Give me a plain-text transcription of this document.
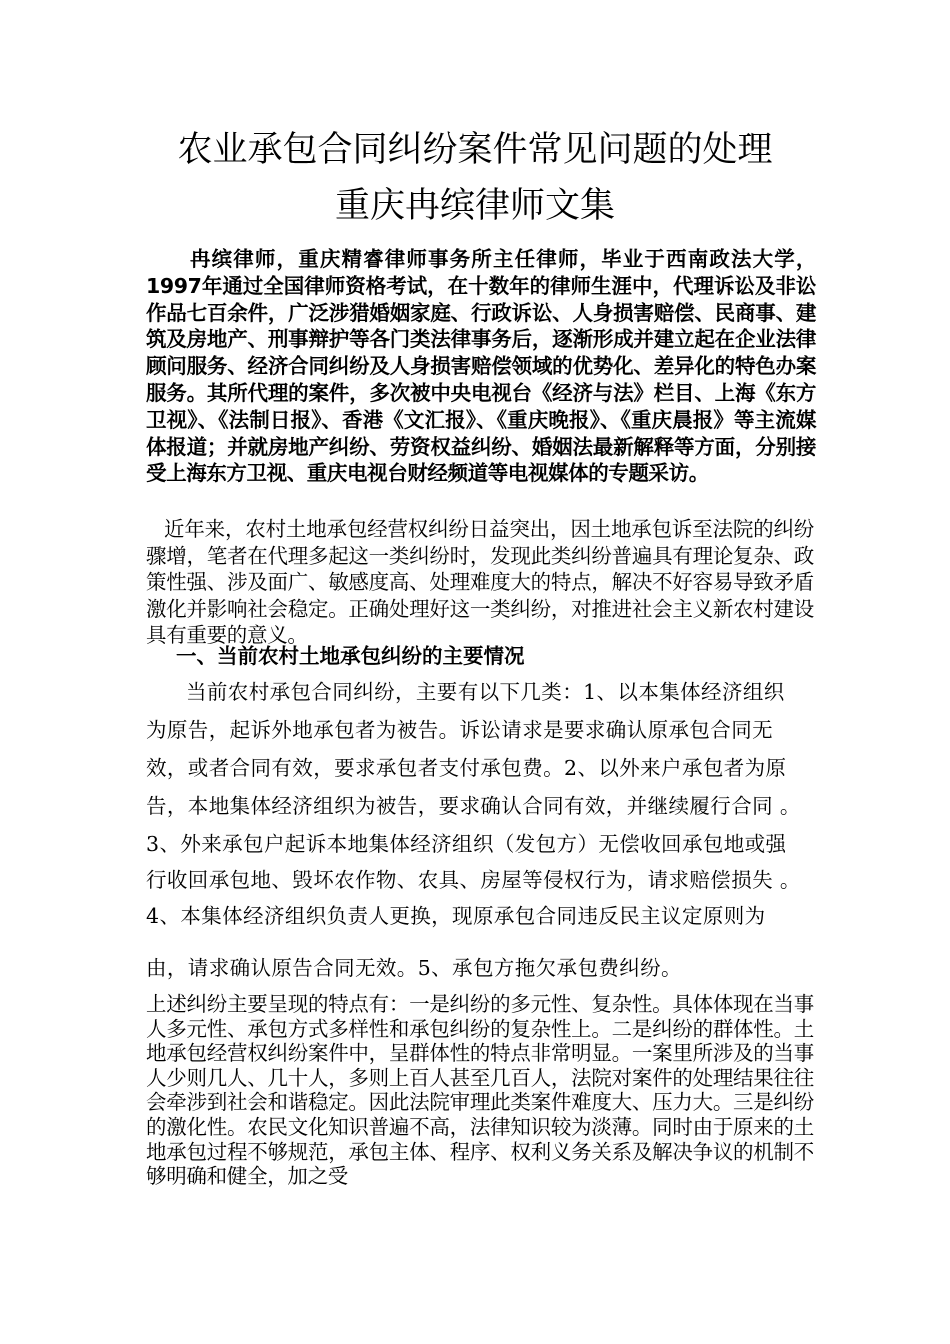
农业承包合同纠纷案件常见问题的处理
重庆冉缤律师文集

冉缤律师，重庆精睿律师事务所主任律师，毕业于西南政法大学，1997年通过全国律师资格考试，在十数年的律师生涯中，代理诉讼及非讼作品七百余件，广泛涉猎婚姻家庭、行政诉讼、人身损害赔偿、民商事、建筑及房地产、刑事辩护等各门类法律事务后，逐渐形成并建立起在企业法律顾问服务、经济合同纠纷及人身损害赔偿领域的优势化、差异化的特色办案服务。其所代理的案件，多次被中央电视台《经济与法》栏目、上海《东方卫视》、《法制日报》、香港《文汇报》、《重庆晚报》、《重庆晨报》等主流媒体报道；并就房地产纠纷、劳资权益纠纷、婚姻法最新解释等方面，分别接受上海东方卫视、重庆电视台财经频道等电视媒体的专题采访。

近年来，农村土地承包经营权纠纷日益突出，因土地承包诉至法院的纠纷骤增，笔者在代理多起这一类纠纷时，发现此类纠纷普遍具有理论复杂、政策性强、涉及面广、敏感度高、处理难度大的特点，解决不好容易导致矛盾激化并影响社会稳定。正确处理好这一类纠纷，对推进社会主义新农村建设具有重要的意义。

一、当前农村土地承包纠纷的主要情况

当前农村承包合同纠纷，主要有以下几类：1、以本集体经济组织

为原告，起诉外地承包者为被告。诉讼请求是要求确认原承包合同无

效，或者合同有效，要求承包者支付承包费。2、以外来户承包者为原

告，本地集体经济组织为被告，要求确认合同有效，并继续履行合同 。

3、外来承包户起诉本地集体经济组织（发包方）无偿收回承包地或强

行收回承包地、毁坏农作物、农具、房屋等侵权行为，请求赔偿损失 。

4、本集体经济组织负责人更换，现原承包合同违反民主议定原则为

由，请求确认原告合同无效。5、承包方拖欠承包费纠纷。

上述纠纷主要呈现的特点有：一是纠纷的多元性、复杂性。具体体现在当事人多元性、承包方式多样性和承包纠纷的复杂性上。二是纠纷的群体性。土地承包经营权纠纷案件中，呈群体性的特点非常明显。一案里所涉及的当事人少则几人、几十人，多则上百人甚至几百人，法院对案件的处理结果往往会牵涉到社会和谐稳定。因此法院审理此类案件难度大、压力大。三是纠纷的激化性。农民文化知识普遍不高，法律知识较为淡薄。同时由于原来的土地承包过程不够规范，承包主体、程序、权利义务关系及解决争议的机制不够明确和健全，加之受
